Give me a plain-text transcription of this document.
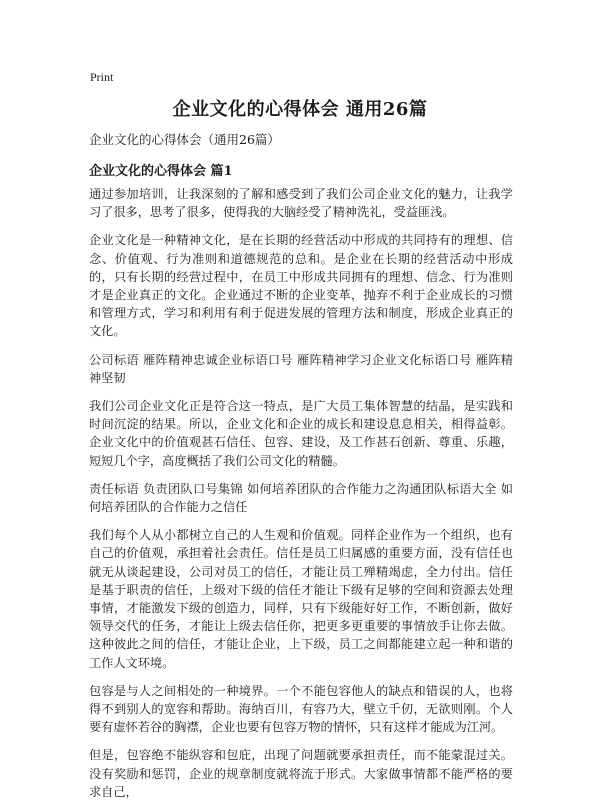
Print
企业文化的心得体会 通用26篇

企业文化的心得体会（通用26篇）

企业文化的心得体会 篇1

通过参加培训，让我深刻的了解和感受到了我们公司企业文化的魅力，让我学习了很多，思考了很多，使得我的大脑经受了精神洗礼，受益匪浅。

企业文化是一种精神文化，是在长期的经营活动中形成的共同持有的理想、信念、价值观、行为准则和道德规范的总和。是企业在长期的经营活动中形成的，只有长期的经营过程中，在员工中形成共同拥有的理想、信念、行为准则才是企业真正的文化。企业通过不断的企业变革，抛弃不利于企业成长的习惯和管理方式，学习和利用有利于促进发展的管理方法和制度，形成企业真正的文化。

公司标语 雁阵精神忠诚企业标语口号 雁阵精神学习企业文化标语口号 雁阵精神坚韧

我们公司企业文化正是符合这一特点，是广大员工集体智慧的结晶，是实践和时间沉淀的结果。所以，企业文化和企业的成长和建设息息相关，相得益彰。企业文化中的价值观甚石信任、包容、建设，及工作甚石创新、尊重、乐趣，短短几个字，高度概括了我们公司文化的精髓。

责任标语 负责团队口号集锦 如何培养团队的合作能力之沟通团队标语大全 如何培养团队的合作能力之信任

我们每个人从小都树立自己的人生观和价值观。同样企业作为一个组织，也有自己的价值观，承担着社会责任。信任是员工归属感的重要方面，没有信任也就无从谈起建设，公司对员工的信任，才能让员工殚精竭虑，全力付出。信任是基于职责的信任，上级对下级的信任才能让下级有足够的空间和资源去处理事情，才能激发下级的创造力，同样，只有下级能好好工作，不断创新，做好领导交代的任务，才能让上级去信任你，把更多更重要的事情放手让你去做。这种彼此之间的信任，才能让企业，上下级，员工之间都能建立起一种和谐的工作人文环境。

包容是与人之间相处的一种境界。一个不能包容他人的缺点和错误的人，也将得不到别人的宽容和帮助。海纳百川，有容乃大，壁立千仞，无欲则刚。个人要有虚怀若谷的胸襟，企业也要有包容万物的情怀，只有这样才能成为江河。

但是，包容绝不能纵容和包庇，出现了问题就要承担责任，而不能蒙混过关。没有奖励和惩罚，企业的规章制度就将流于形式。大家做事情都不能严格的要求自己，
